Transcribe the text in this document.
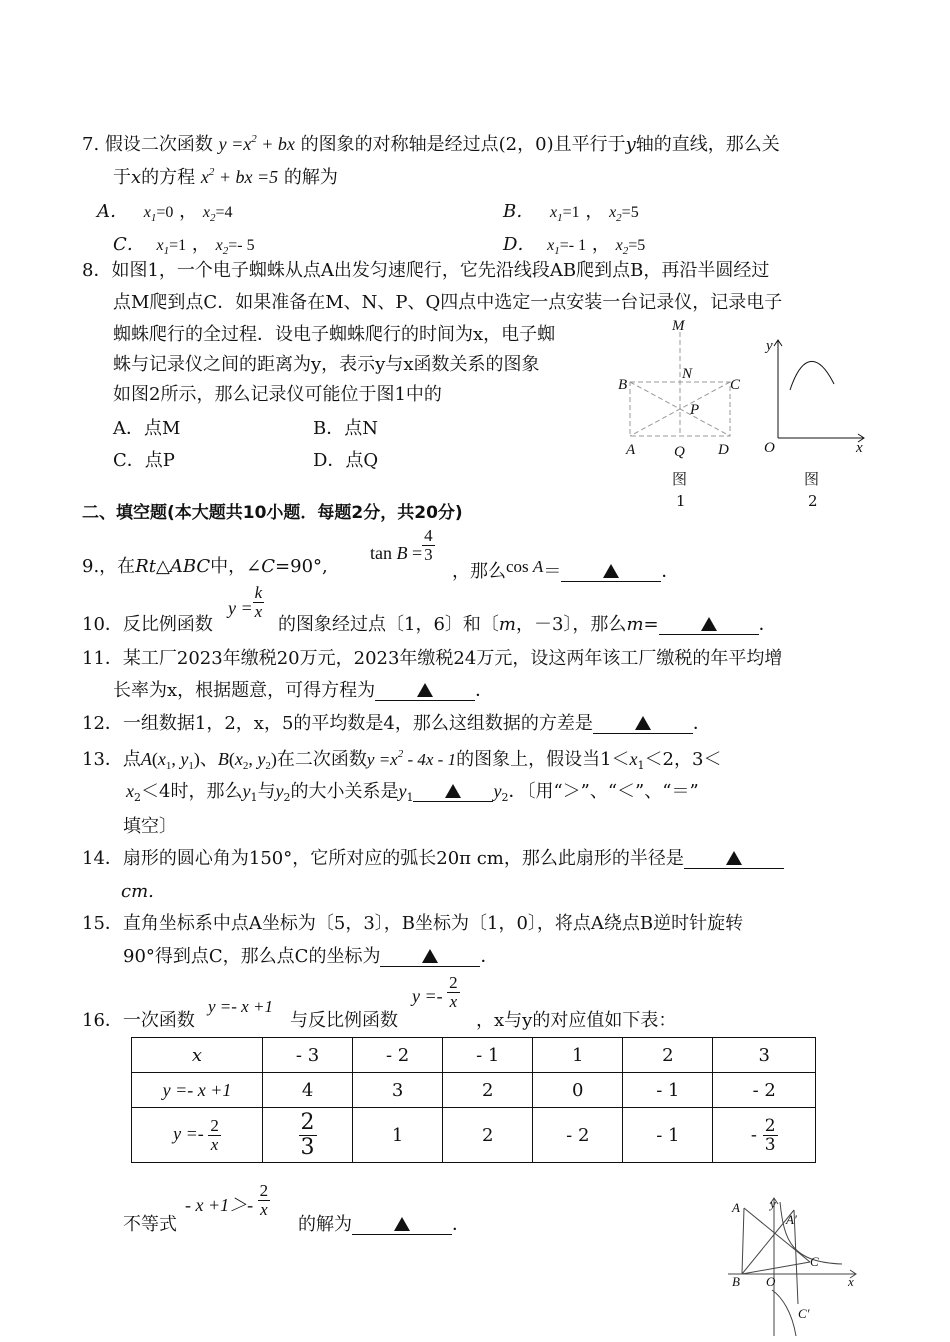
7. 假设二次函数 $y =x^2$ + bx 的图象的对称轴是经过点(2，0)且平行于y轴的直线，那么关
于x的方程 $x^2$ + bx =5 的解为
A． $x_1=0$ ， $x_2=4$	B． $x_1=1$ ， $x_2=5$
C． $x_1=1$ ， $x_2=-$ 5	D． $x_1=-$ 1 ， $x_2=5$
8．如图1，一个电子蜘蛛从点A出发匀速爬行，它先沿线段AB爬到点B，再沿半圆经过
点M爬到点C．如果准备在M、N、P、Q四点中选定一点安装一台记录仪，记录电子
蜘蛛爬行的全过程．设电子蜘蛛爬行的时间为x，电子蜘
蛛与记录仪之间的距离为y，表示y与x函数关系的图象
如图2所示，那么记录仪可能位于图1中的
A．点M	B．点N
C．点P	D．点Q
M
B	C
N
P
A	Q D
图
1
y
O	x
图
2
二、填空题(本大题共10小题．每题2分，共20分)
9.，在Rt△ABC中，∠C=90°,
$\tan B = \frac{4}{3}$
，那么cos A＝	．
10．反比例函数
$y = \frac{k}{x}$
的图象经过点〔1，6〕和〔m，－3〕，那么m=	．
11．某工厂2023年缴税20万元，2023年缴税24万元，设这两年该工厂缴税的年平均增
长率为x，根据题意，可得方程为	．
12．一组数据1，2，x，5的平均数是4，那么这组数据的方差是	．
13．点$A(x_1$, $y_1$)、$B(x_2$, $y_2$)在二次函数$y =x^2 - 4x - 1$的图象上，假设当$1<x_1<2$，3＜
$x_2<4$时，那么$y_1$与$y_2$的大小关系是$y_1$	$y_2$．〔用“＞”、“＜”、“＝”
填空〕
14．扇形的圆心角为150°，它所对应的弧长20π cm，那么此扇形的半径是
cm.
15．直角坐标系中点A坐标为〔5，3〕，B坐标为〔1，0〕，将点A绕点B逆时针旋转
90°得到点C，那么点C的坐标为	．
16．一次函数
y =- x +1
与反比例函数
$y =- \frac{2}{x}$
，x与y的对应值如下表：
x	- 3	- 2	- 1	1	2	3
y =- x +1	4	3	2	0	- 1	- 2
$y =- \frac{2}{x}$	$\frac{2}{3}$	1	2	- 2	- 1	- $\frac{2}{3}$
不等式
- $x +1>- \frac{2}{x}$
的解为	．
A y
A′
C
B O	x
C′
